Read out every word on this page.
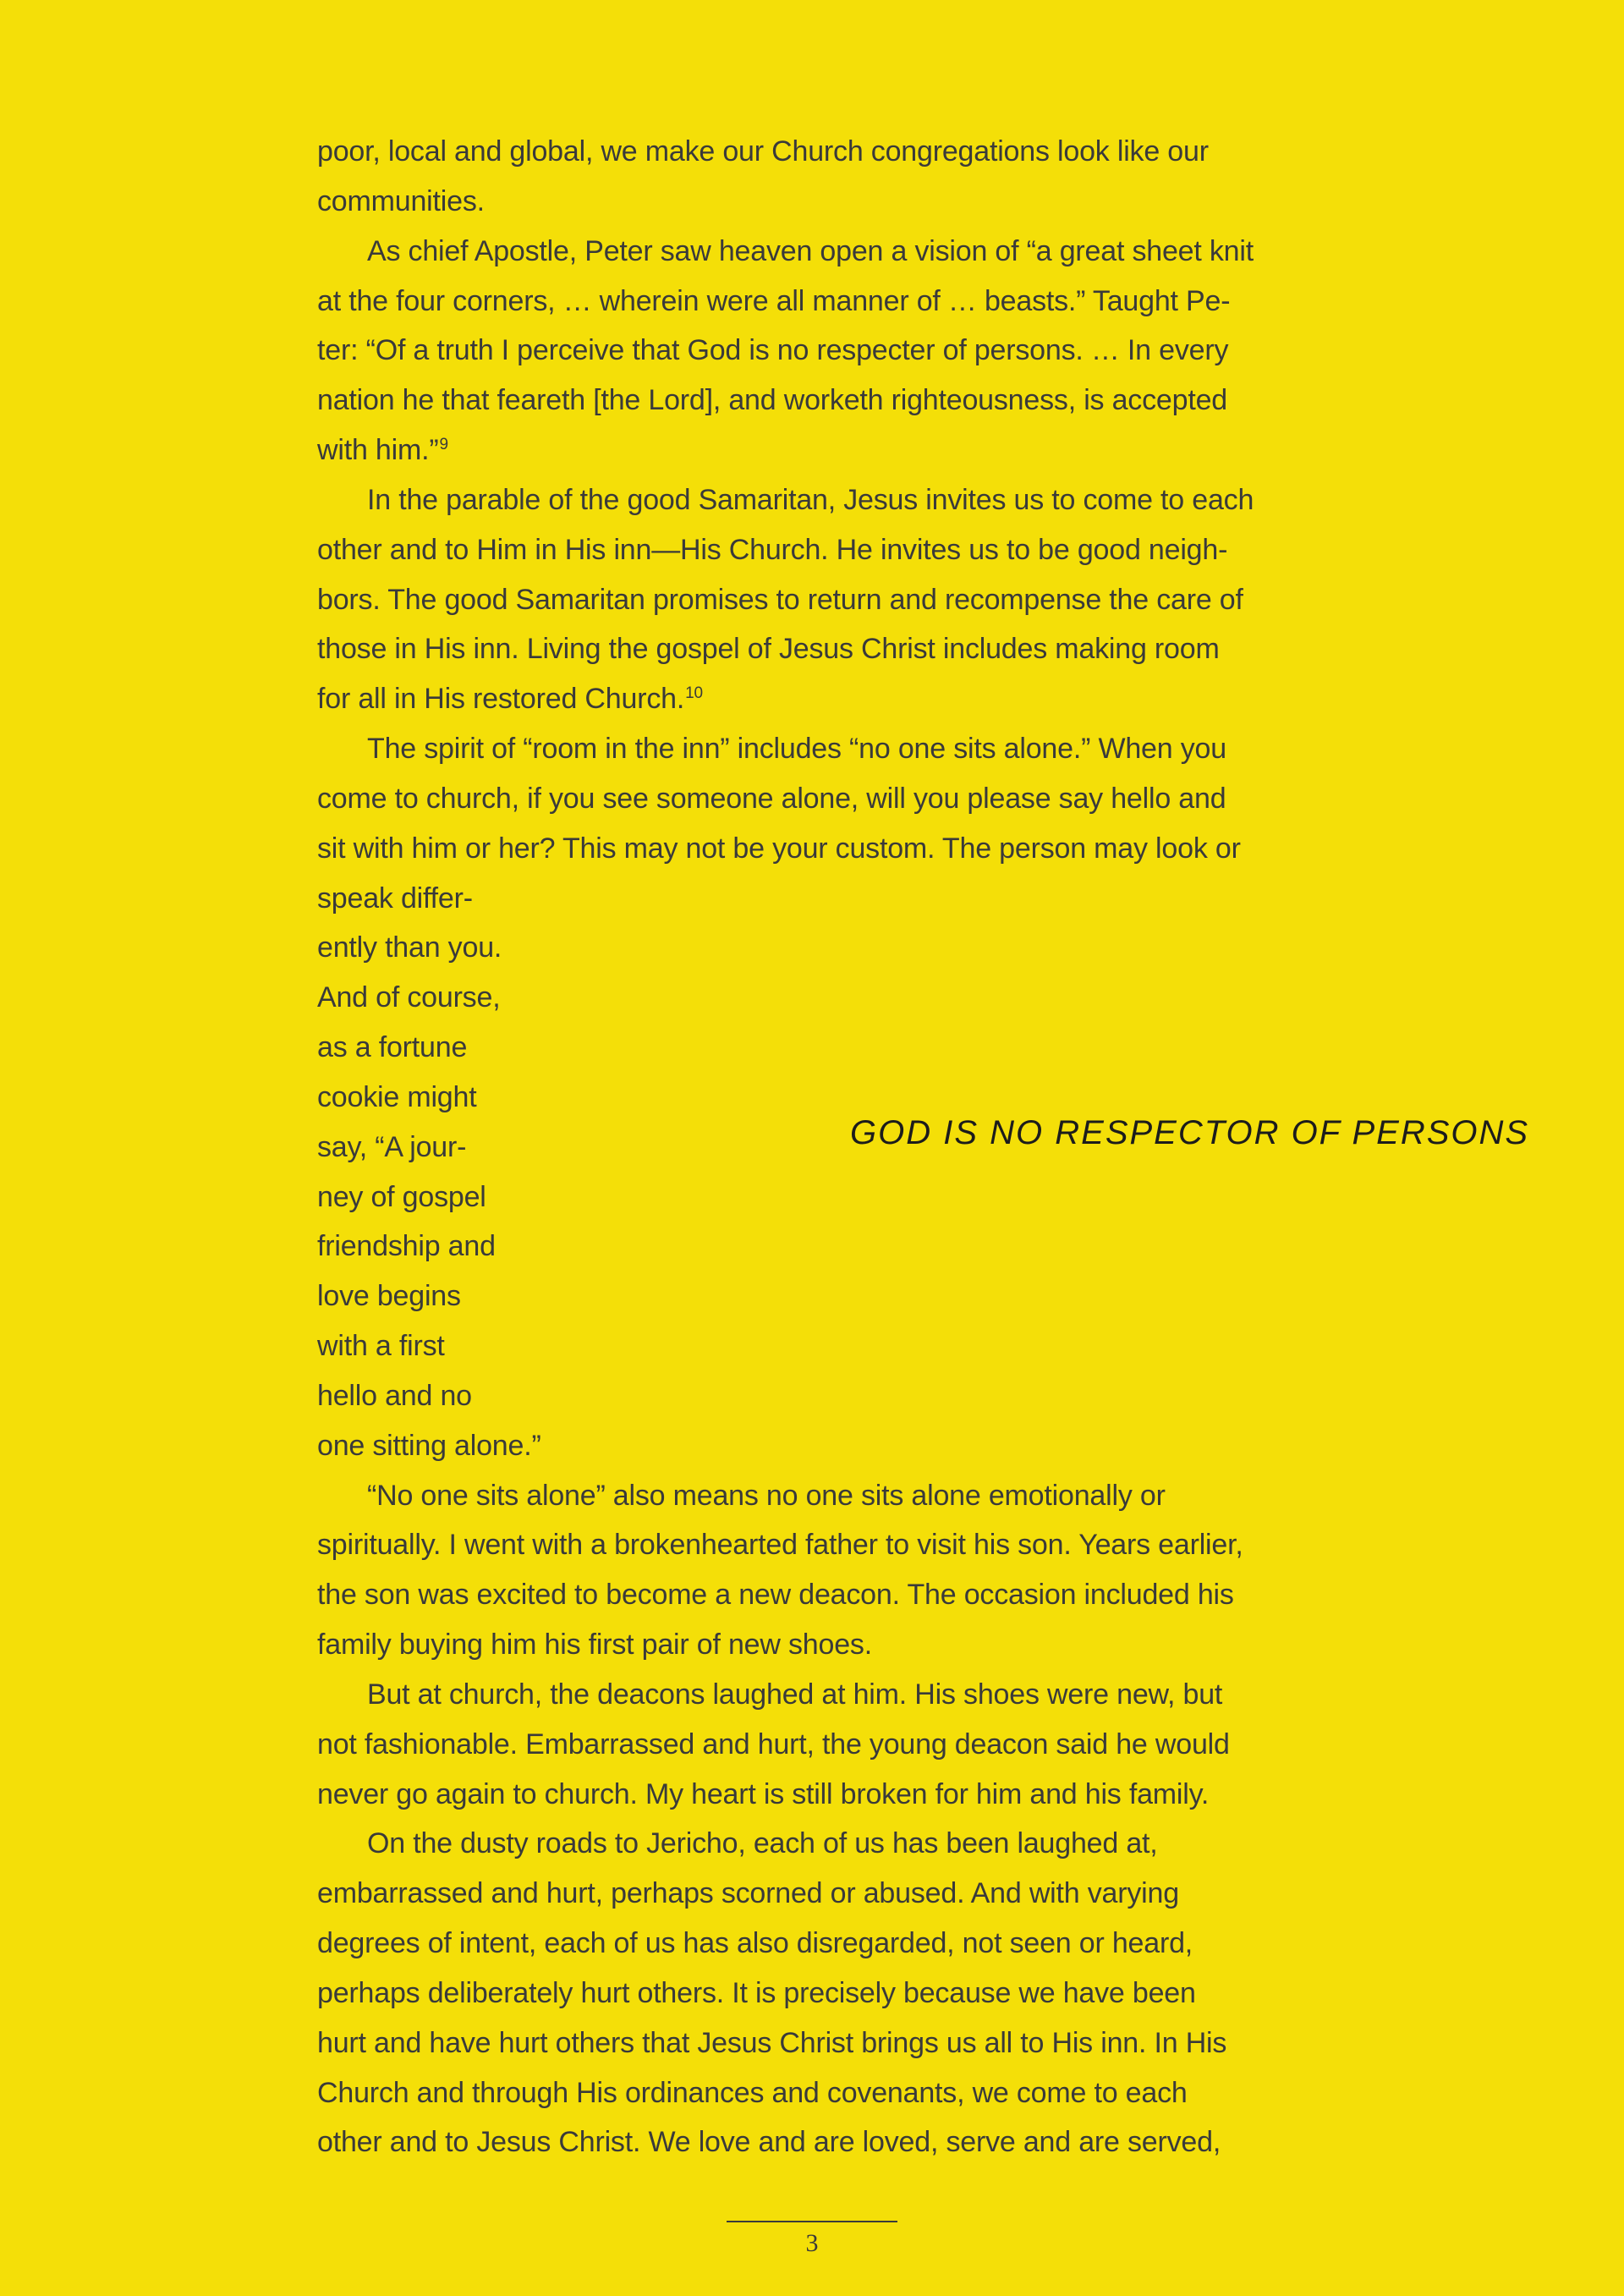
poor, local and global, we make our Church congregations look like our
communities.
As chief Apostle, Peter saw heaven open a vision of “a great sheet knit
at the four corners, … wherein were all manner of … beasts.” Taught Pe-
ter: “Of a truth I perceive that God is no respecter of persons. … In every
nation he that feareth [the Lord], and worketh righteousness, is accepted
with him.”$^9$
In the parable of the good Samaritan, Jesus invites us to come to each
other and to Him in His inn—His Church. He invites us to be good neigh-
bors. The good Samaritan promises to return and recompense the care of
those in His inn. Living the gospel of Jesus Christ includes making room
for all in His restored Church.$^{10}$
The spirit of “room in the inn” includes “no one sits alone.” When you
come to church, if you see someone alone, will you please say hello and
sit with him or her? This may not be your custom. The person may look or
speak differ-
ently than you.
And of course,
as a fortune
cookie might
say, “A jour-
ney of gospel
friendship and
love begins
with a first
hello and no
one sitting alone.”
“No one sits alone” also means no one sits alone emotionally or
spiritually. I went with a brokenhearted father to visit his son. Years earlier,
the son was excited to become a new deacon. The occasion included his
family buying him his first pair of new shoes.
But at church, the deacons laughed at him. His shoes were new, but
not fashionable. Embarrassed and hurt, the young deacon said he would
never go again to church. My heart is still broken for him and his family.
On the dusty roads to Jericho, each of us has been laughed at,
embarrassed and hurt, perhaps scorned or abused. And with varying
degrees of intent, each of us has also disregarded, not seen or heard,
perhaps deliberately hurt others. It is precisely because we have been
hurt and have hurt others that Jesus Christ brings us all to His inn. In His
Church and through His ordinances and covenants, we come to each
other and to Jesus Christ. We love and are loved, serve and are served,
GOD IS NO RESPECTOR OF PERSONS
3
